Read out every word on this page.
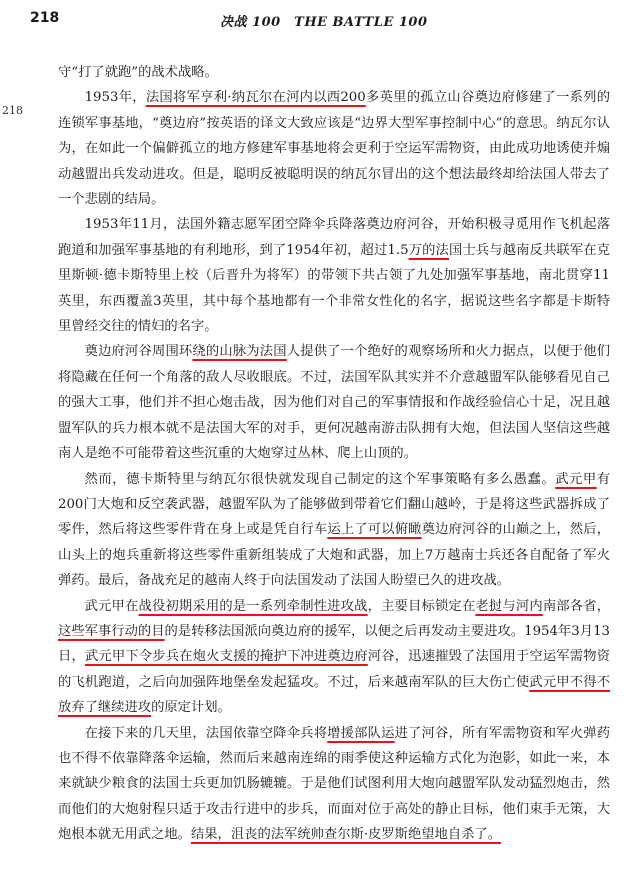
218	决战 100　THE BATTLE 100
218

守“打了就跑”的战术战略。

1953年，法国将军亨利·纳瓦尔在河内以西200多英里的孤立山谷奠边府修建了一系列的连锁军事基地，“奠边府”按英语的译文大致应该是“边界大型军事控制中心”的意思。纳瓦尔认为，在如此一个偏僻孤立的地方修建军事基地将会更利于空运军需物资，由此成功地诱使并煽动越盟出兵发动进攻。但是，聪明反被聪明误的纳瓦尔冒出的这个想法最终却给法国人带去了一个悲剧的结局。

1953年11月，法国外籍志愿军团空降伞兵降落奠边府河谷，开始积极寻觅用作飞机起落跑道和加强军事基地的有利地形，到了1954年初，超过1.5万的法国士兵与越南反共联军在克里斯顿·德卡斯特里上校（后晋升为将军）的带领下共占领了九处加强军事基地，南北贯穿11英里，东西覆盖3英里，其中每个基地都有一个非常女性化的名字，据说这些名字都是卡斯特里曾经交往的情妇的名字。

奠边府河谷周围环绕的山脉为法国人提供了一个绝好的观察场所和火力据点，以便于他们将隐藏在任何一个角落的敌人尽收眼底。不过，法国军队其实并不介意越盟军队能够看见自己的强大工事，他们并不担心炮击战，因为他们对自己的军事情报和作战经验信心十足，况且越盟军队的兵力根本就不是法国大军的对手，更何况越南游击队拥有大炮，但法国人坚信这些越南人是绝不可能带着这些沉重的大炮穿过丛林、爬上山顶的。

然而，德卡斯特里与纳瓦尔很快就发现自己制定的这个军事策略有多么愚蠢。武元甲有200门大炮和反空袭武器，越盟军队为了能够做到带着它们翻山越岭，于是将这些武器拆成了零件，然后将这些零件背在身上或是凭自行车运上了可以俯瞰奠边府河谷的山巅之上，然后，山头上的炮兵重新将这些零件重新组装成了大炮和武器，加上7万越南士兵还各自配备了军火弹药。最后，备战充足的越南人终于向法国发动了法国人盼望已久的进攻战。

武元甲在战役初期采用的是一系列牵制性进攻战，主要目标锁定在老挝与河内南部各省，这些军事行动的目的是转移法国派向奠边府的援军，以便之后再发动主要进攻。1954年3月13日，武元甲下令步兵在炮火支援的掩护下冲进奠边府河谷，迅速摧毁了法国用于空运军需物资的飞机跑道，之后向加强阵地堡垒发起猛攻。不过，后来越南军队的巨大伤亡使武元甲不得不放弃了继续进攻的原定计划。

在接下来的几天里，法国依靠空降伞兵将增援部队运进了河谷，所有军需物资和军火弹药也不得不依靠降落伞运输，然而后来越南连绵的雨季使这种运输方式化为泡影，如此一来，本来就缺少粮食的法国士兵更加饥肠辘辘。于是他们试图利用大炮向越盟军队发动猛烈炮击，然而他们的大炮射程只适于攻击行进中的步兵，而面对位于高处的静止目标，他们束手无策，大炮根本就无用武之地。结果，沮丧的法军统帅查尔斯·皮罗斯绝望地自杀了。
